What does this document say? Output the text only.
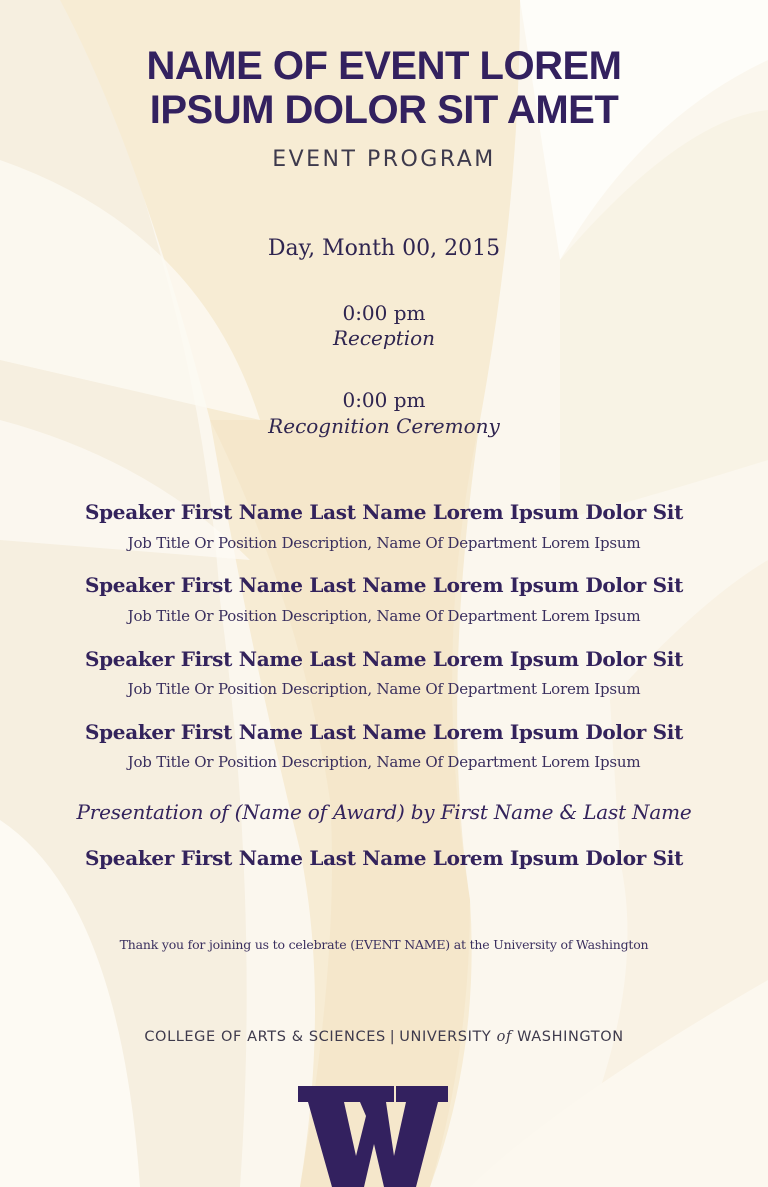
NAME OF EVENT LOREM
IPSUM DOLOR SIT AMET
EVENT PROGRAM
Day, Month 00, 2015
0:00 pm
Reception
0:00 pm
Recognition Ceremony
Speaker First Name Last Name Lorem Ipsum Dolor Sit
Job Title Or Position Description, Name Of Department Lorem Ipsum
Speaker First Name Last Name Lorem Ipsum Dolor Sit
Job Title Or Position Description, Name Of Department Lorem Ipsum
Speaker First Name Last Name Lorem Ipsum Dolor Sit
Job Title Or Position Description, Name Of Department Lorem Ipsum
Speaker First Name Last Name Lorem Ipsum Dolor Sit
Job Title Or Position Description, Name Of Department Lorem Ipsum
Presentation of (Name of Award) by First Name & Last Name
Speaker First Name Last Name Lorem Ipsum Dolor Sit
Thank you for joining us to celebrate (EVENT NAME) at the University of Washington
COLLEGE OF ARTS & SCIENCES | UNIVERSITY of WASHINGTON
